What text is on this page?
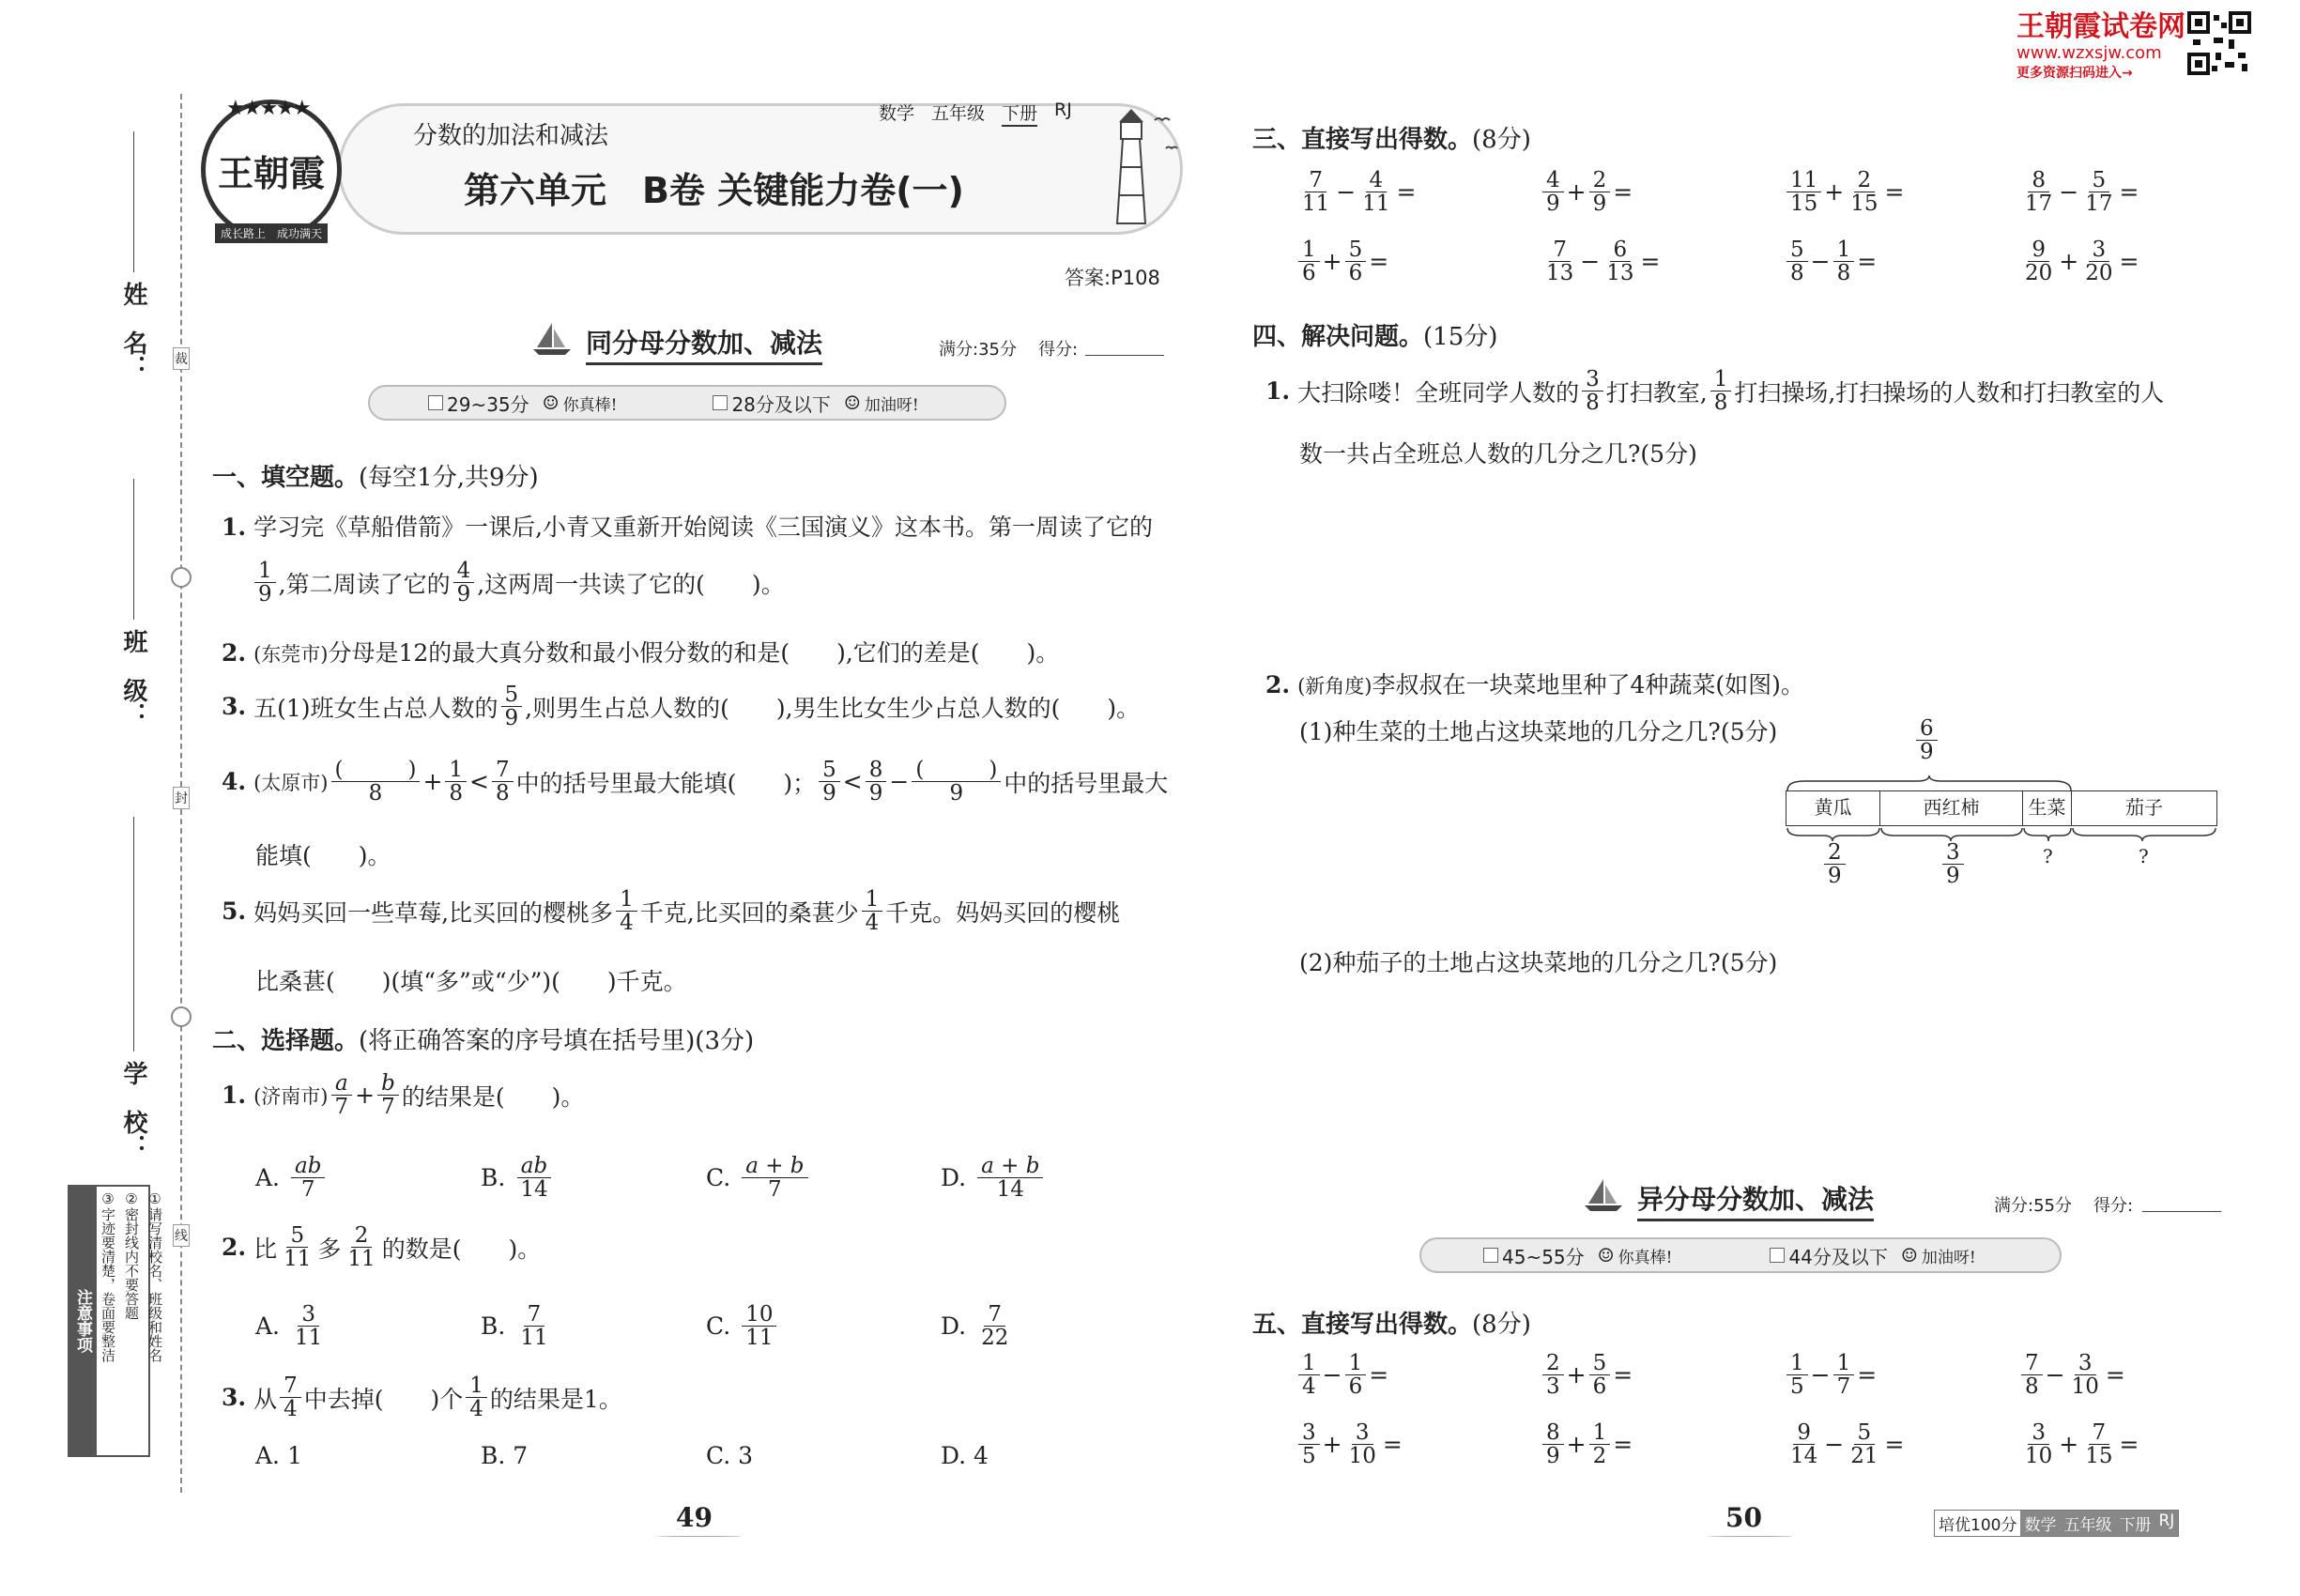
王朝霞试卷网
www.wzxsjw.com
更多资源扫码进入→
姓　名：
班　级：
学　校：
裁
封
线
注意事项	①请写清校名、班级和姓名
②密封线内不要答题
③字迹要清楚，卷面要整洁
★★★★★
王朝霞
成长路上　成功满天
分数的加法和减法
数学 五年级 下册 RJ
第六单元　B卷 关键能力卷(一)
答案:P108
同分母分数加、减法	满分:35分 得分:
29~35分 ☺ 你真棒!	28分及以下 ☺ 加油呀!
一、填空题。(每空1分,共9分)
1. 学习完《草船借箭》一课后,小青又重新开始阅读《三国演义》这本书。第一周读了它的
$\frac{1}{9}$ ,第二周读了它的 $\frac{4}{9}$ ,这两周一共读了它的(　　)。
2. (东莞市)分母是12的最大真分数和最小假分数的和是(　　),它们的差是(　　)。
3. 五(1)班女生占总人数的 $\frac{5}{9}$ ,则男生占总人数的(　　),男生比女生少占总人数的(　　)。
4. (太原市) $\frac{( )}{8} + \frac{1}{8} < \frac{7}{8}$ 中的括号里最大能填(　　)； $\frac{5}{9} < \frac{8}{9} - \frac{( )}{9}$ 中的括号里最大
能填(　　)。
5. 妈妈买回一些草莓,比买回的樱桃多 $\frac{1}{4}$ 千克,比买回的桑葚少 $\frac{1}{4}$ 千克。妈妈买回的樱桃
比桑葚(　　)(填“多”或“少”)(　　)千克。
二、选择题。(将正确答案的序号填在括号里)(3分)
1. (济南市) $\frac{a}{7} + \frac{b}{7}$ 的结果是(　　)。
A. $\frac{ab}{7}$	B. $\frac{ab}{14}$	C. $\frac{a + b}{7}$	D. $\frac{a + b}{14}$
2. 比 $\frac{5}{11}$ 多 $\frac{2}{11}$ 的数是(　　)。
A. $\frac{3}{11}$	B. $\frac{7}{11}$	C. $\frac{10}{11}$	D. $\frac{7}{22}$
3. 从 $\frac{7}{4}$ 中去掉(　　)个 $\frac{1}{4}$ 的结果是1。
A. 1	B. 7	C. 3	D. 4
49
三、直接写出得数。(8分)
$\frac{7}{11} - \frac{4}{11}$ =	$\frac{4}{9} + \frac{2}{9}$ =	$\frac{11}{15} + \frac{2}{15}$ =	$\frac{8}{17} - \frac{5}{17}$ =
$\frac{1}{6} + \frac{5}{6}$ =	$\frac{7}{13} - \frac{6}{13}$ =	$\frac{5}{8} - \frac{1}{8}$ =	$\frac{9}{20} + \frac{3}{20}$ =
四、解决问题。(15分)
1. 大扫除喽！全班同学人数的 $\frac{3}{8}$ 打扫教室, $\frac{1}{8}$ 打扫操场,打扫操场的人数和打扫教室的人
数一共占全班总人数的几分之几?(5分)
2. (新角度)李叔叔在一块菜地里种了4种蔬菜(如图)。
(1)种生菜的土地占这块菜地的几分之几?(5分)	$\frac{6}{9}$
黄瓜	西红柿	生菜	茄子
$\frac{2}{9}$	$\frac{3}{9}$	?	?
(2)种茄子的土地占这块菜地的几分之几?(5分)
异分母分数加、减法	满分:55分 得分:
45~55分 ☺ 你真棒!	44分及以下 ☺ 加油呀!
五、直接写出得数。(8分)
$\frac{1}{4} - \frac{1}{6}$ =	$\frac{2}{3} + \frac{5}{6}$ =	$\frac{1}{5} - \frac{1}{7}$ =	$\frac{7}{8} - \frac{3}{10}$ =
$\frac{3}{5} + \frac{3}{10}$ =	$\frac{8}{9} + \frac{1}{2}$ =	$\frac{9}{14} - \frac{5}{21}$ =	$\frac{3}{10} + \frac{7}{15}$ =
50	培优100分 数学 五年级 下册 RJ
